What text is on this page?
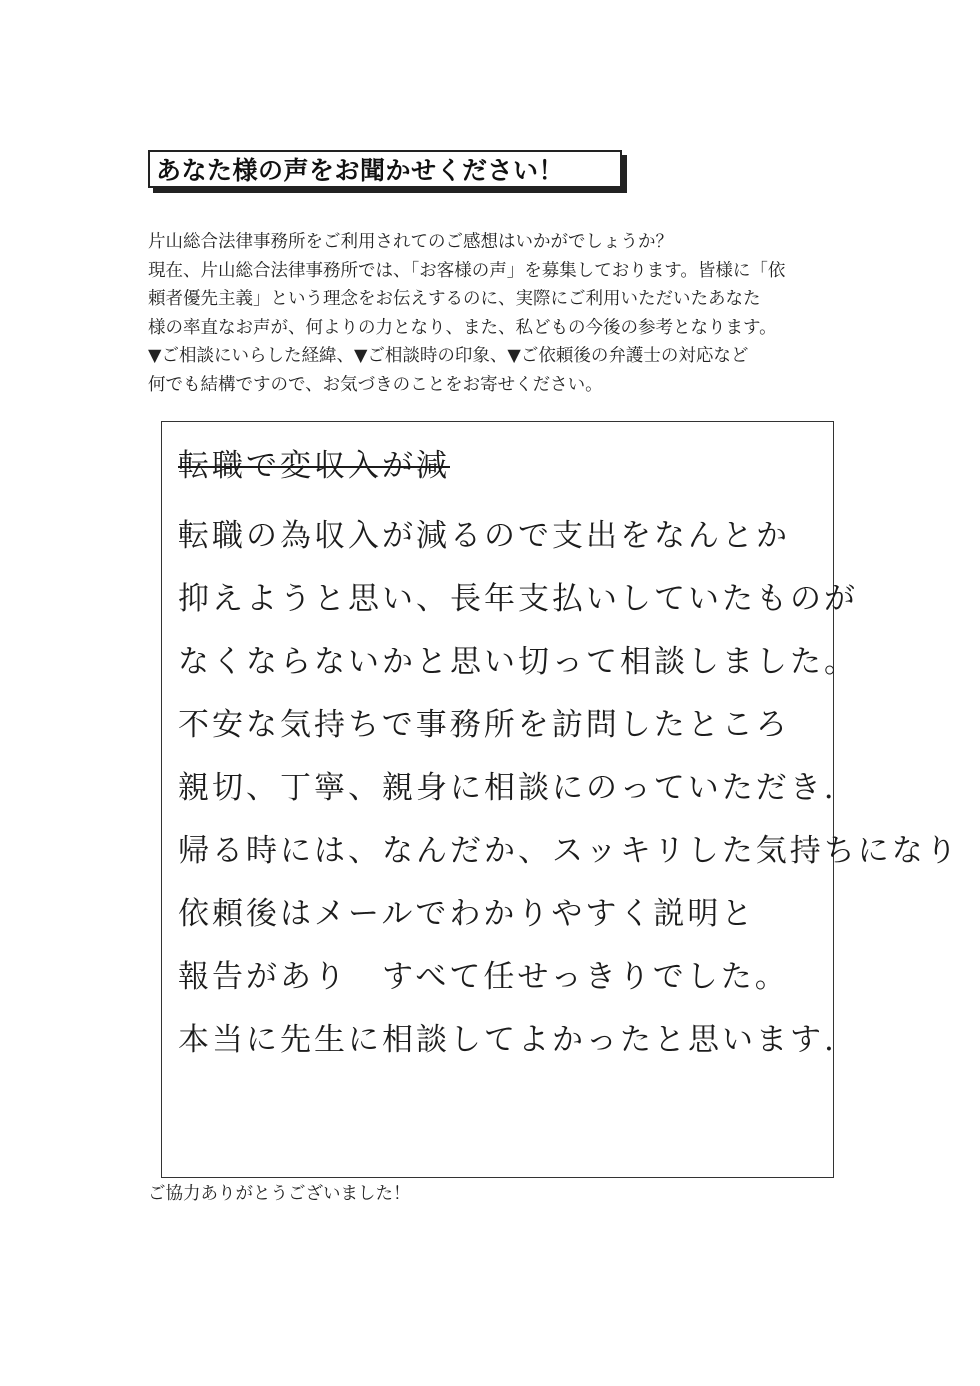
あなた様の声をお聞かせください！
片山総合法律事務所をご利用されてのご感想はいかがでしょうか？
現在、片山総合法律事務所では、「お客様の声」を募集しております。皆様に「依
頼者優先主義」という理念をお伝えするのに、実際にご利用いただいたあなた
様の率直なお声が、何よりの力となり、また、私どもの今後の参考となります。
▼ご相談にいらした経緯、▼ご相談時の印象、▼ご依頼後の弁護士の対応など
何でも結構ですので、お気づきのことをお寄せください。
転職で変収入が減
転職の為収入が減るので支出をなんとか
抑えようと思い、長年支払いしていたものが
なくならないかと思い切って相談しました。
不安な気持ちで事務所を訪問したところ
親切、丁寧、親身に相談にのっていただき.
帰る時には、なんだか、スッキリした気持ちになり
依頼後はメールでわかりやすく説明と
報告があり　すべて任せっきりでした。
本当に先生に相談してよかったと思います.
ご協力ありがとうございました！
